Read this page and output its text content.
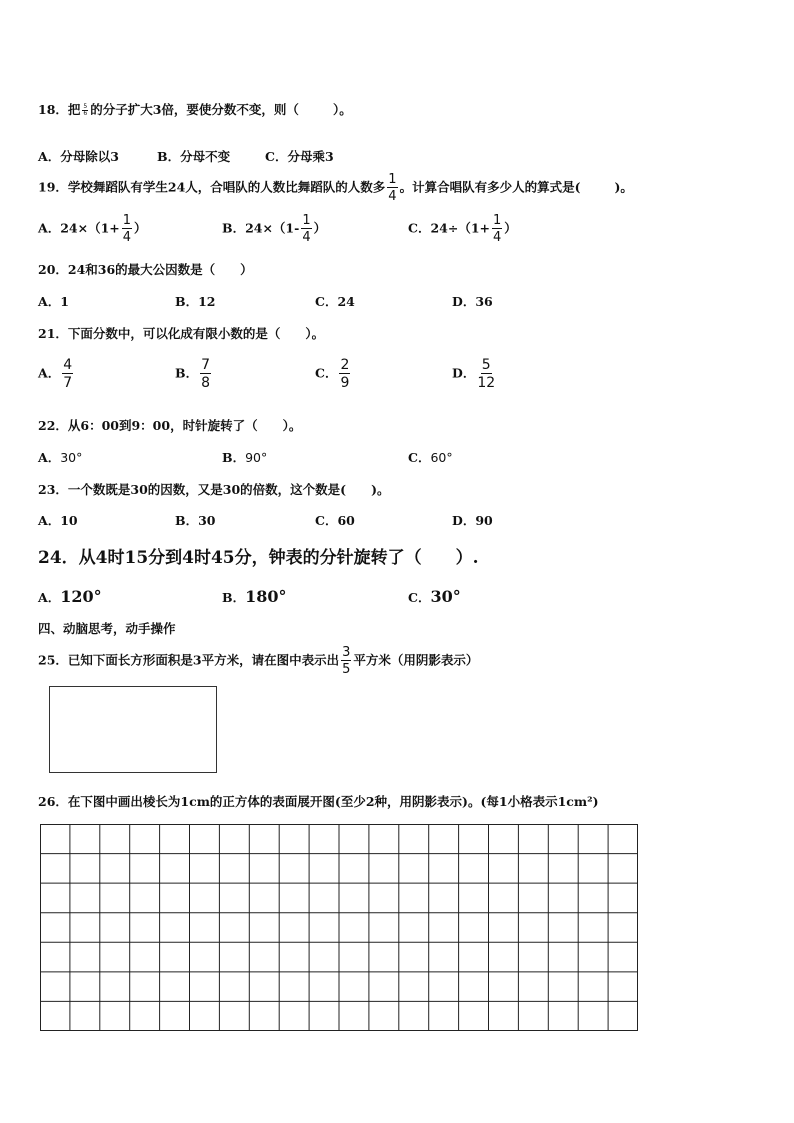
18．把 $\frac{5}{6}$ 的分子扩大3倍，要使分数不变，则（	）。
A．分母除以3	B．分母不变	C．分母乘3
19．学校舞蹈队有学生24人，合唱队的人数比舞蹈队的人数多 $\frac{1}{4}$ 。计算合唱队有多少人的算式是(	)。
A．$24\times(1+ \frac{1}{4}$ ）	B．$24\times(1- \frac{1}{4}$ ）	C．$24\div(1+ \frac{1}{4}$ ）
20．24和36的最大公因数是（　　）
A．1	B．12	C．24	D．36
21．下面分数中，可以化成有限小数的是（　　）。
A． $\frac{4}{7}$	B． $\frac{7}{8}$	C． $\frac{2}{9}$	D． $\frac{5}{12}$
22．从6：00到9：00，时针旋转了（　　）。
A．30°	B．90°	C．60°
23．一个数既是30的因数，又是30的倍数，这个数是(　　)。
A．10	B．30	C．60	D．90
24．从4时15分到4时45分，钟表的分针旋转了（　　）.
A．120°	B．180°	C．30°
四、动脑思考，动手操作
25．已知下面长方形面积是3平方米，请在图中表示出 $\frac{3}{5}$ 平方米（用阴影表示）
26．在下图中画出棱长为1cm的正方体的表面展开图(至少2种，用阴影表示)。(每1小格表示1cm²)
